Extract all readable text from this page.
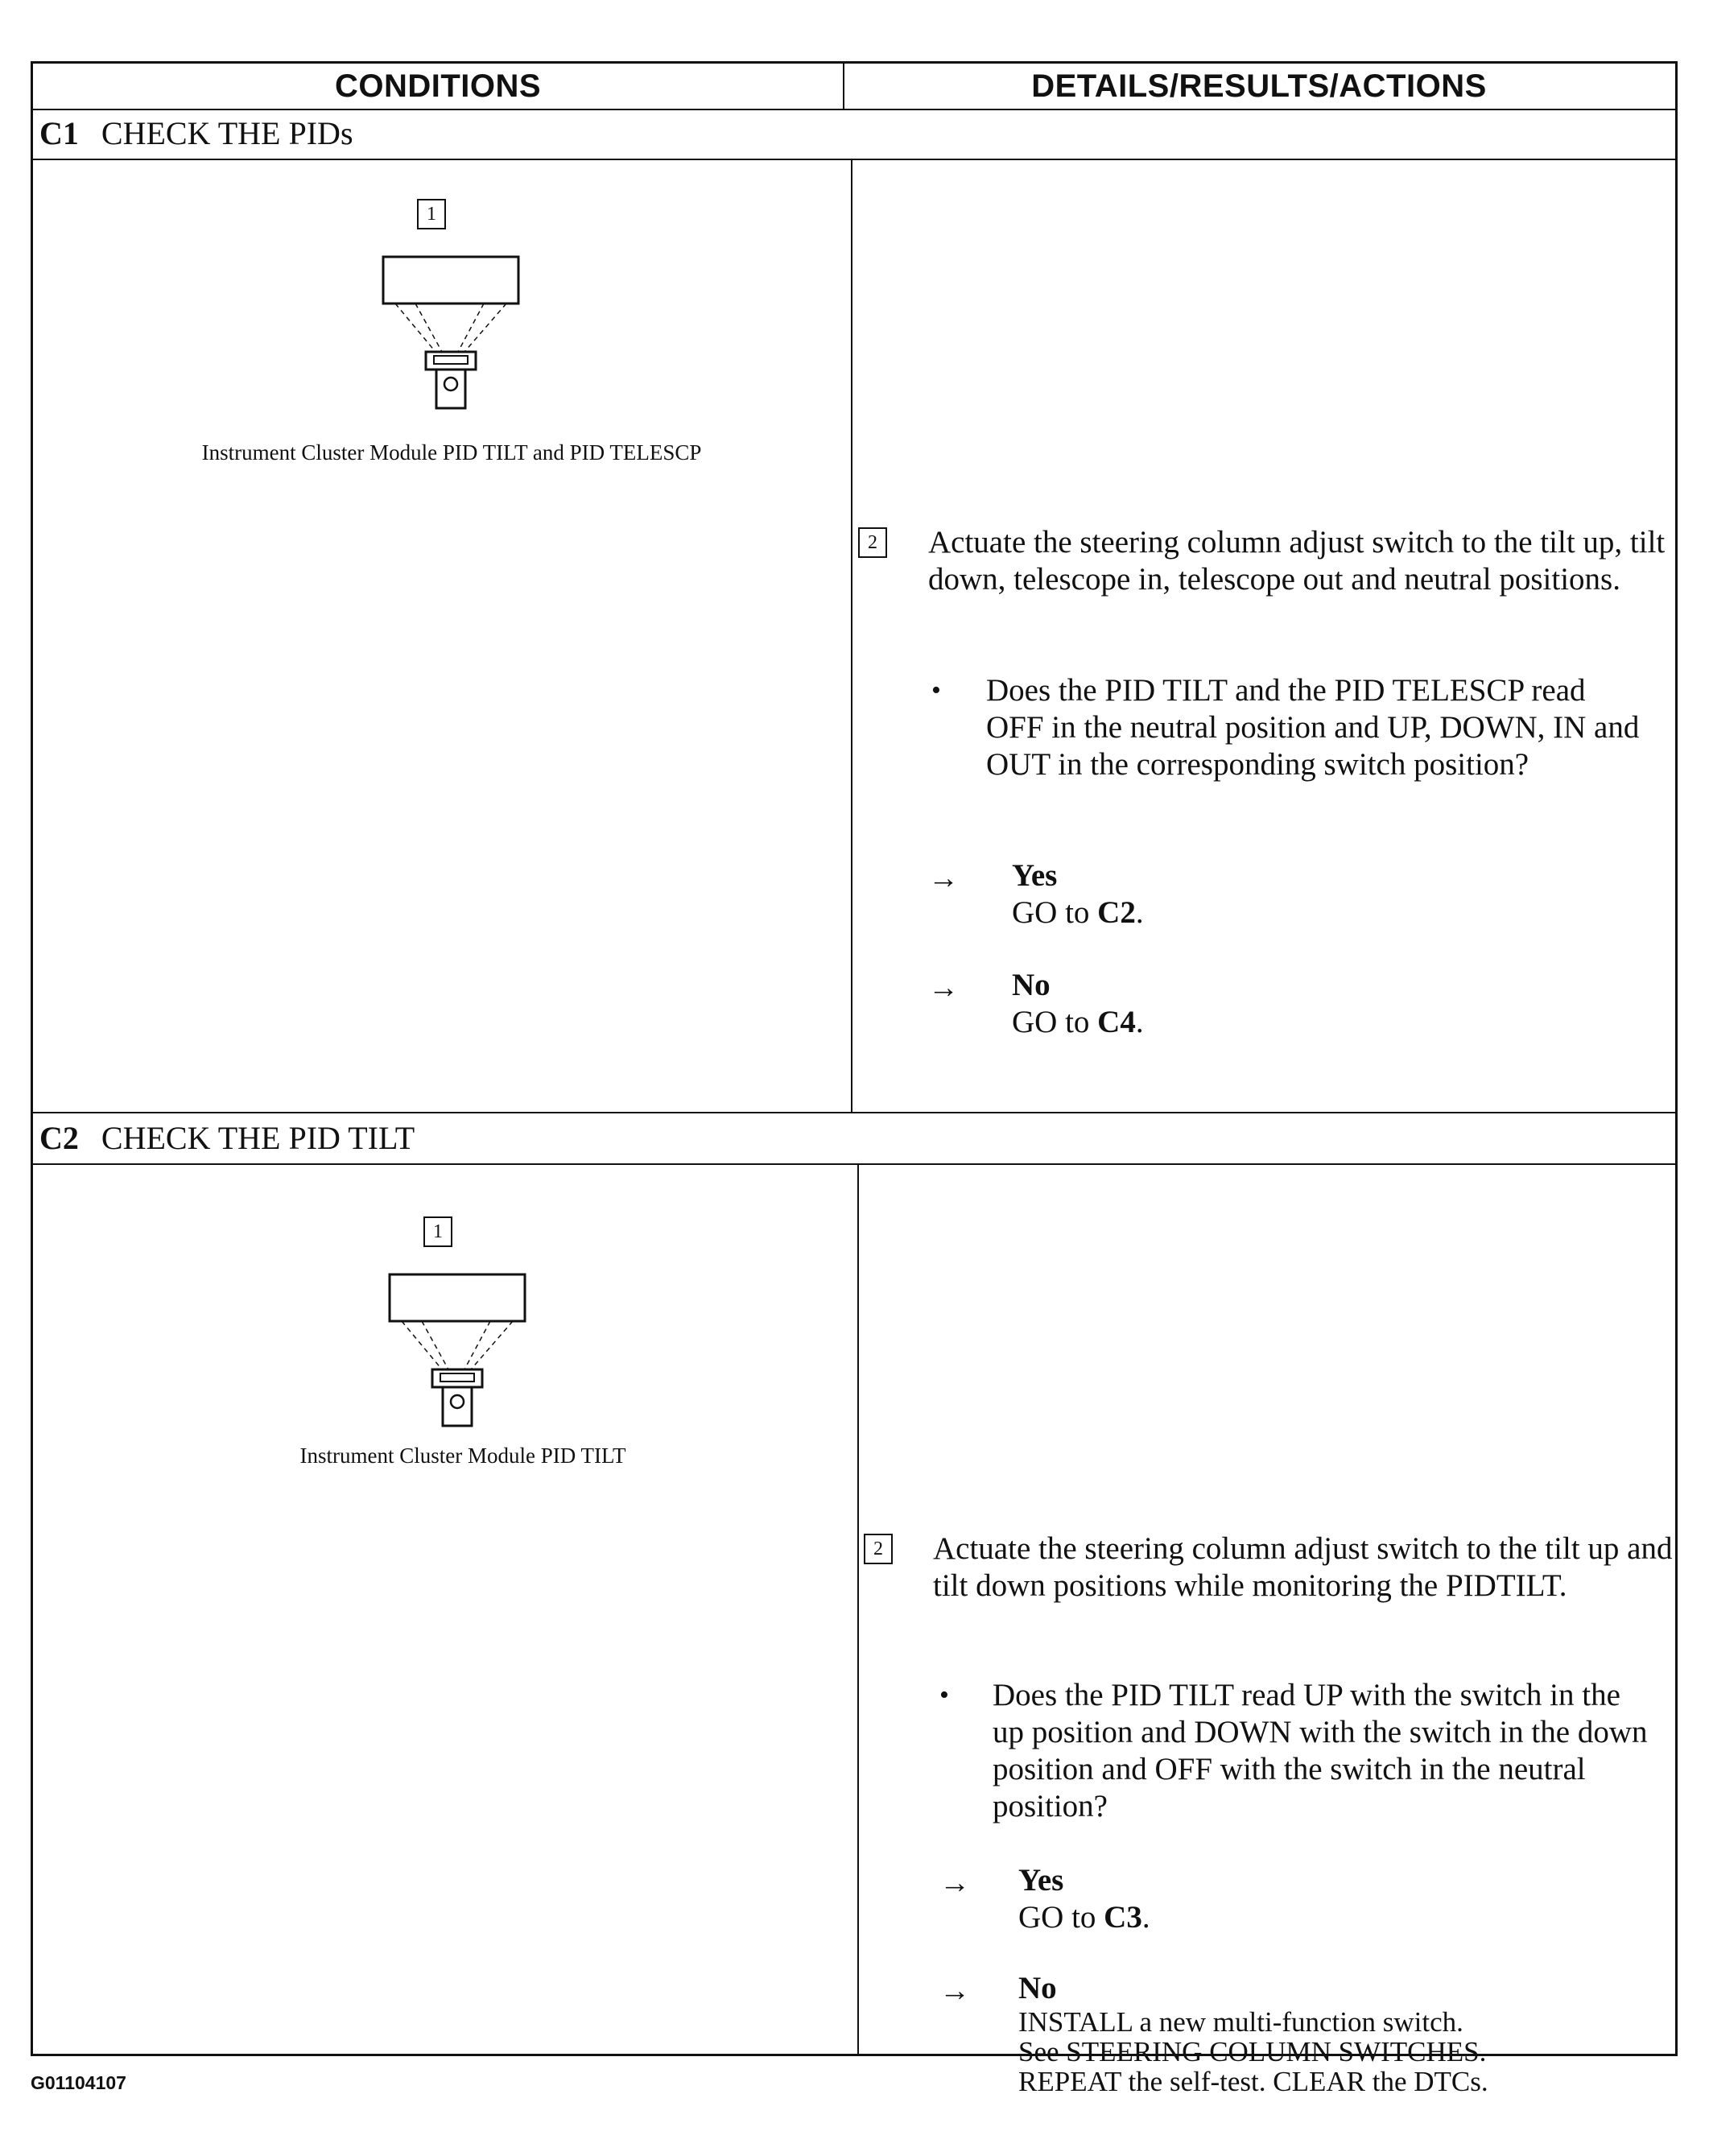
CONDITIONS	DETAILS/RESULTS/ACTIONS
C1 CHECK THE PIDs
1
Instrument Cluster Module PID TILT and PID TELESCP
2	Actuate the steering column adjust switch to the tilt up, tilt down, telescope in, telescope out and neutral positions.
• Does the PID TILT and the PID TELESCP read OFF in the neutral position and UP, DOWN, IN and OUT in the corresponding switch position?
→ Yes
GO to C2.
→ No
GO to C4.
C2 CHECK THE PID TILT
1
Instrument Cluster Module PID TILT
2	Actuate the steering column adjust switch to the tilt up and tilt down positions while monitoring the PIDTILT.
• Does the PID TILT read UP with the switch in the up position and DOWN with the switch in the down position and OFF with the switch in the neutral position?
→ Yes
GO to C3.
→ No
INSTALL a new multi-function switch.
See STEERING COLUMN SWITCHES.
REPEAT the self-test. CLEAR the DTCs.
G01104107
